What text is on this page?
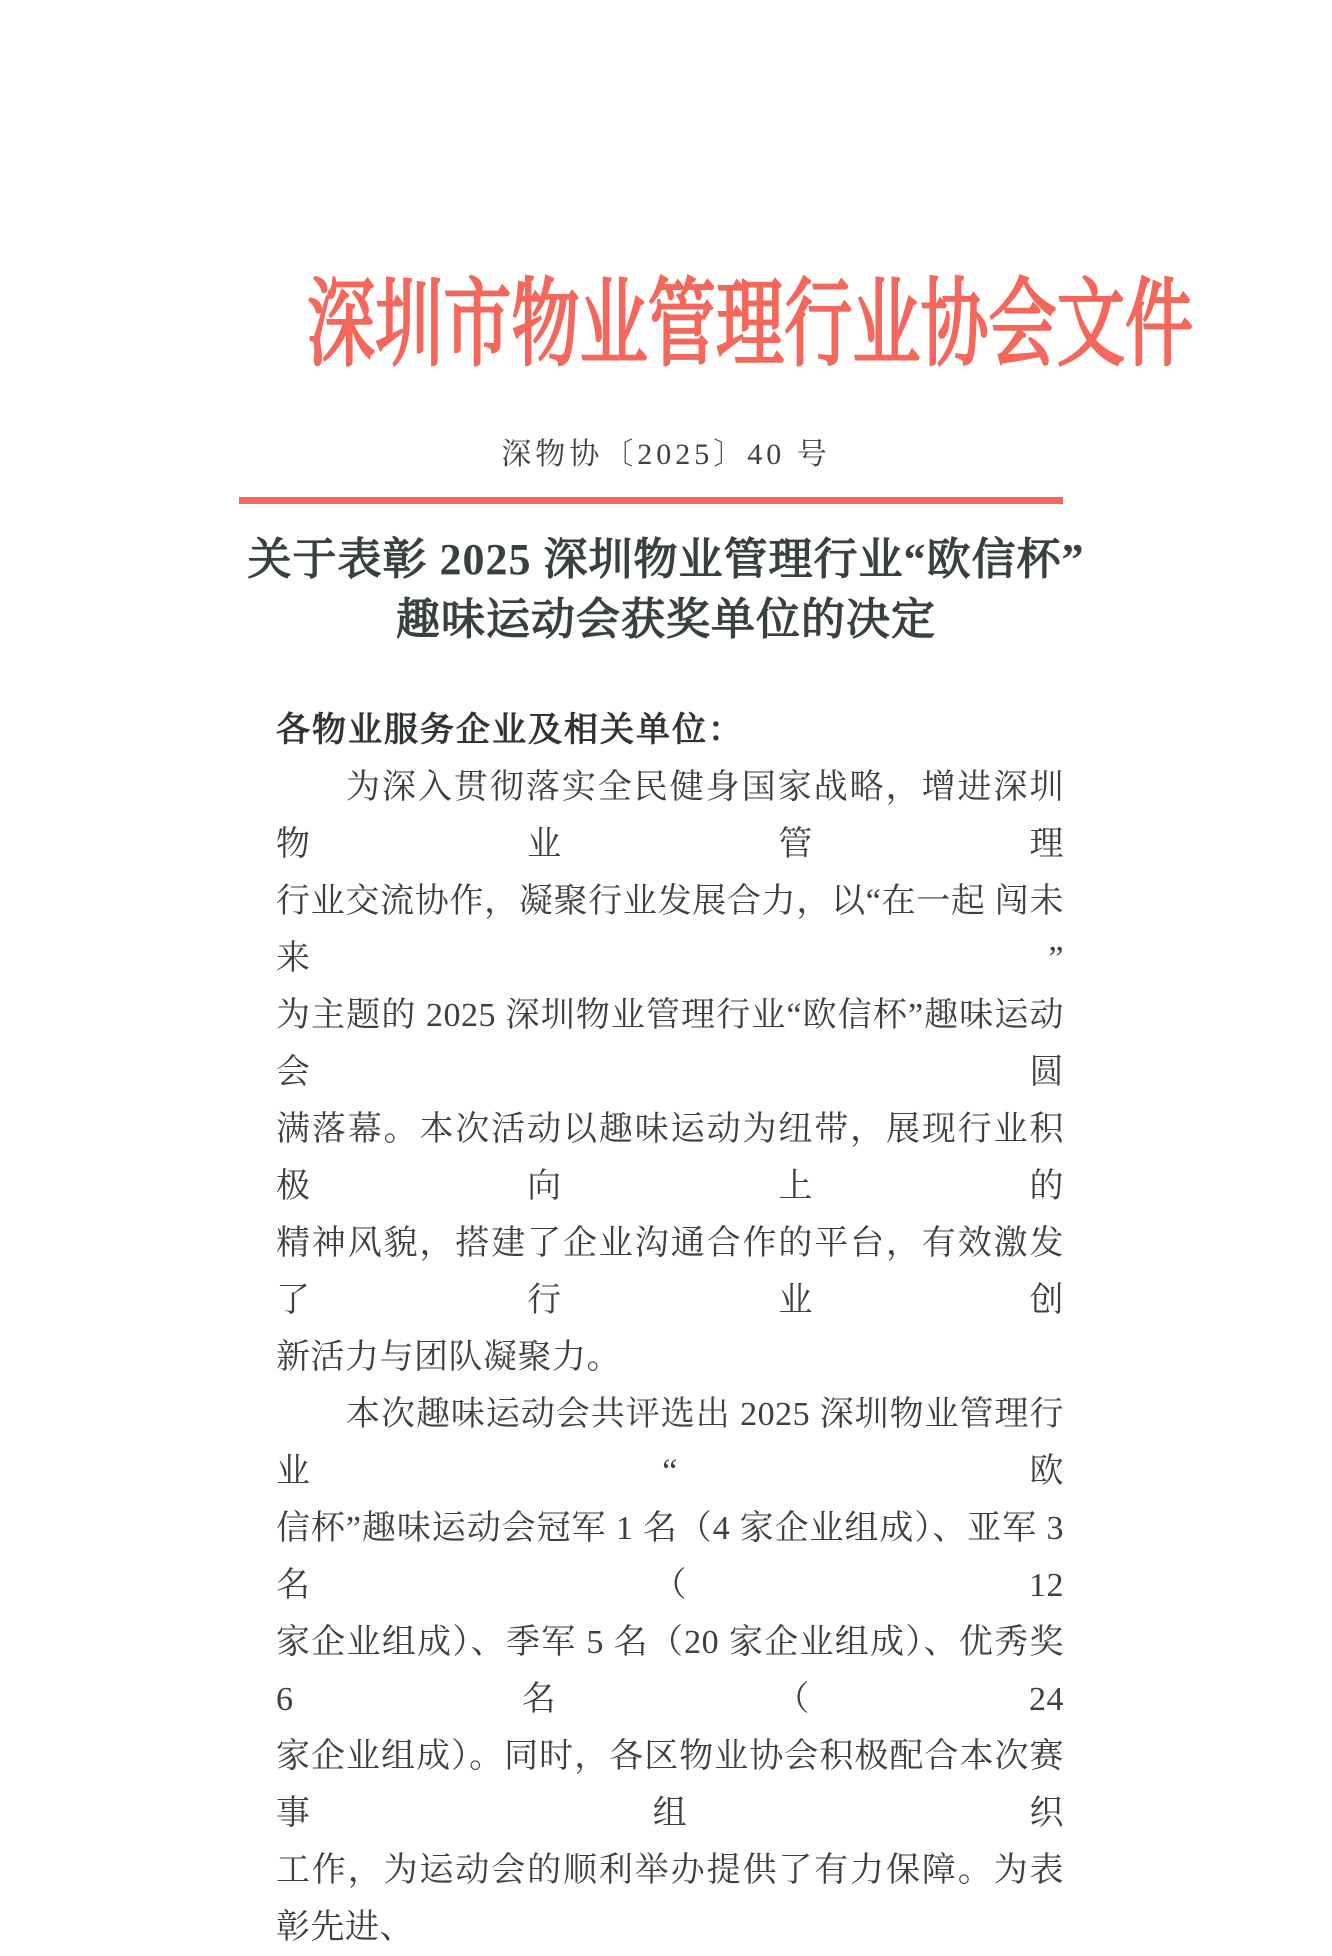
深圳市物业管理行业协会文件
深物协〔2025〕40 号
关于表彰 2025 深圳物业管理行业“欧信杯”
趣味运动会获奖单位的决定
各物业服务企业及相关单位：
为深入贯彻落实全民健身国家战略，增进深圳物业管理
行业交流协作，凝聚行业发展合力，以“在一起 闯未来”
为主题的 2025 深圳物业管理行业“欧信杯”趣味运动会圆
满落幕。本次活动以趣味运动为纽带，展现行业积极向上的
精神风貌，搭建了企业沟通合作的平台，有效激发了行业创
新活力与团队凝聚力。
本次趣味运动会共评选出 2025 深圳物业管理行业“欧
信杯”趣味运动会冠军 1 名（4 家企业组成）、亚军 3 名（12
家企业组成）、季军 5 名（20 家企业组成）、优秀奖 6 名（24
家企业组成）。同时，各区物业协会积极配合本次赛事组织
工作，为运动会的顺利举办提供了有力保障。为表彰先进、
